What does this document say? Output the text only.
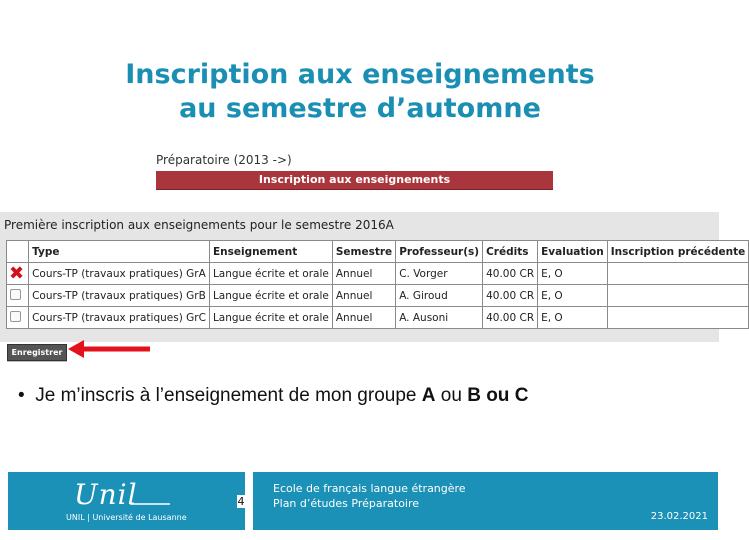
Inscription aux enseignements
au semestre d’automne
Préparatoire (2013 ->)
Inscription aux enseignements
Première inscription aux enseignements pour le semestre 2016A
	Type	Enseignement	Semestre	Professeur(s)	Crédits	Evaluation	Inscription précédente
✖	Cours-TP (travaux pratiques) GrA	Langue écrite et orale	Annuel	C. Vorger	40.00 CR	E, O	
	Cours-TP (travaux pratiques) GrB	Langue écrite et orale	Annuel	A. Giroud	40.00 CR	E, O	
	Cours-TP (travaux pratiques) GrC	Langue écrite et orale	Annuel	A. Ausoni	40.00 CR	E, O	
Enregistrer
•  Je m’inscris à l’enseignement de mon groupe A ou B ou C
Unil
UNIL | Université de Lausanne
Ecole de français langue étrangère
Plan d’études Préparatoire
23.02.2021
4
